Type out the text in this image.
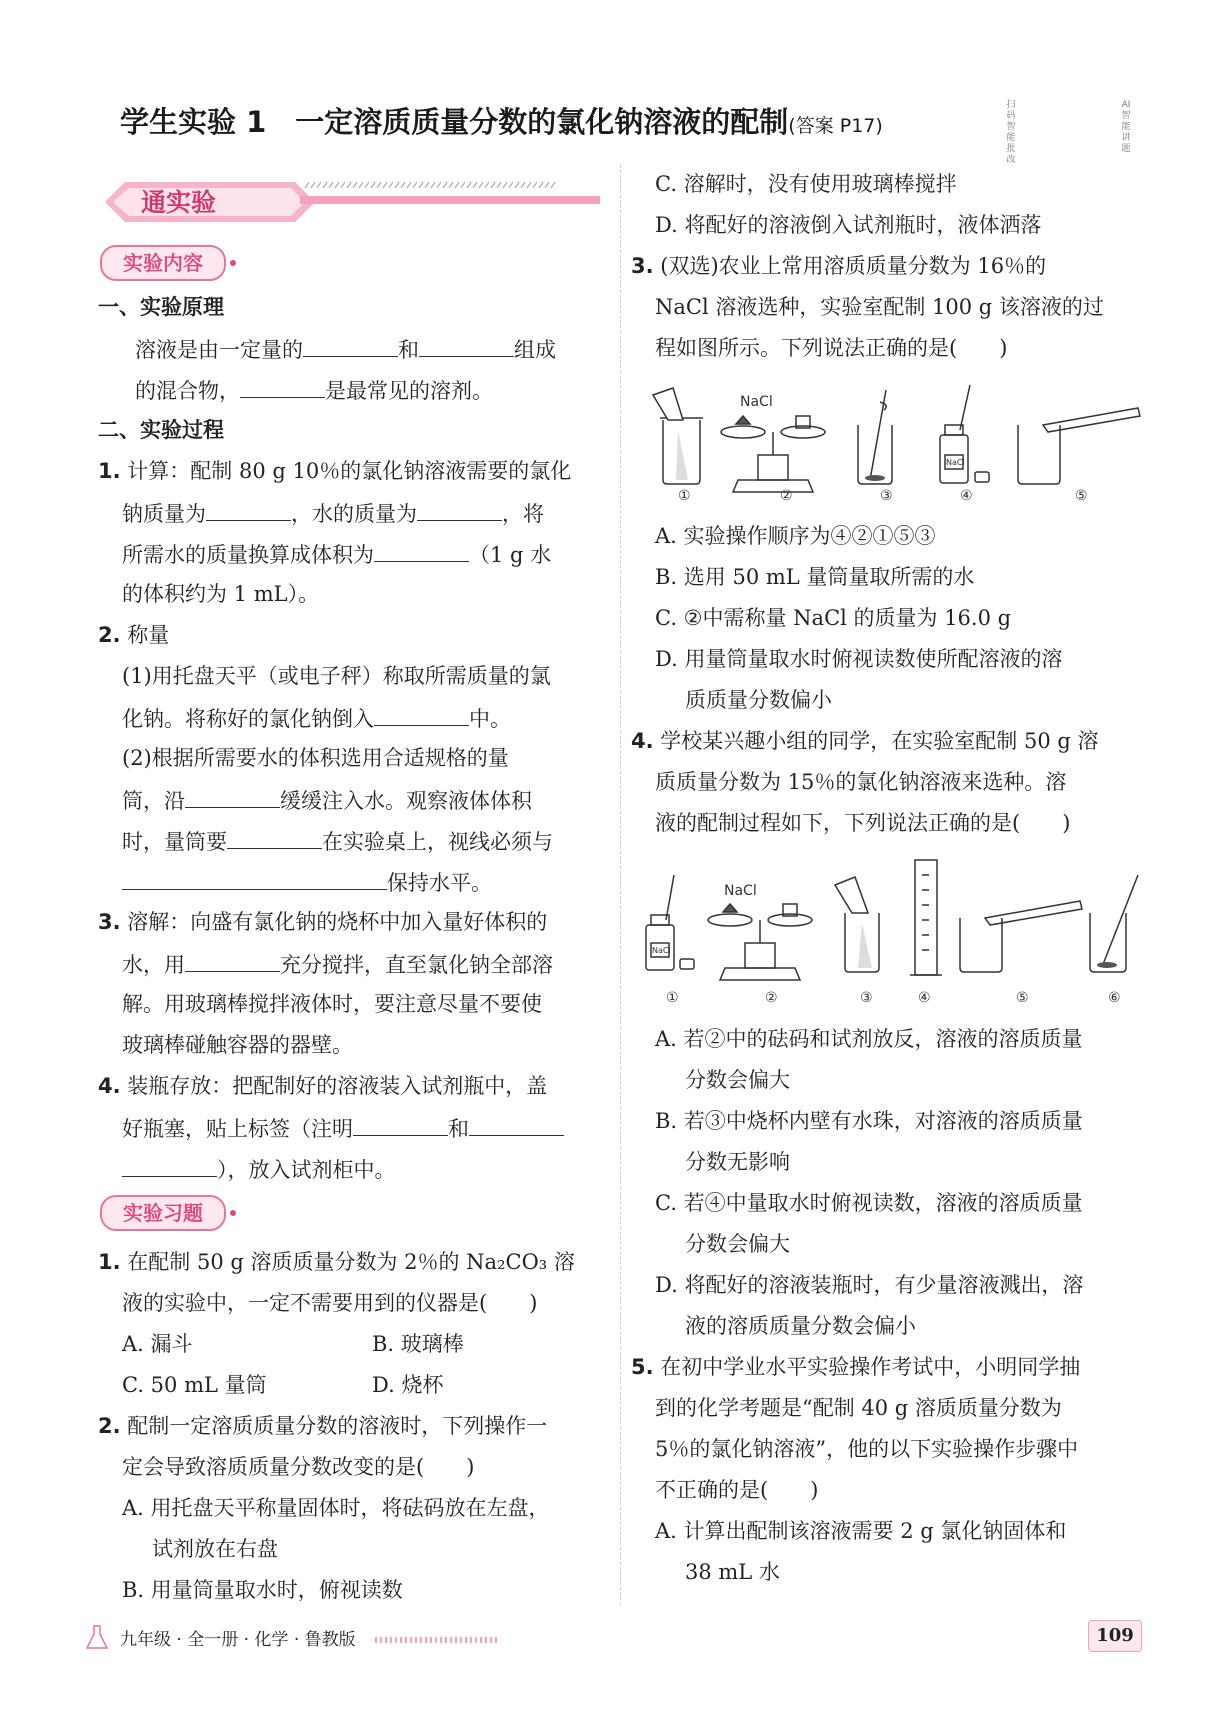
学生实验 1　一定溶质质量分数的氯化钠溶液的配制(答案 P17)
扫码智能批改
AI智能讲题
通实验
实验内容
实验习题
一、实验原理
溶液是由一定量的	和	组成
的混合物，	是最常见的溶剂。
二、实验过程
1. 计算：配制 80 g 10％的氯化钠溶液需要的氯化
钠质量为	，水的质量为	，将
所需水的质量换算成体积为	（1 g 水
的体积约为 1 mL）。
2. 称量
(1)用托盘天平（或电子秤）称取所需质量的氯
化钠。将称好的氯化钠倒入	中。
(2)根据所需要水的体积选用合适规格的量
筒，沿	缓缓注入水。观察液体体积
时，量筒要	在实验桌上，视线必须与
保持水平。
3. 溶解：向盛有氯化钠的烧杯中加入量好体积的
水，用	充分搅拌，直至氯化钠全部溶
解。用玻璃棒搅拌液体时，要注意尽量不要使
玻璃棒碰触容器的器壁。
4. 装瓶存放：把配制好的溶液装入试剂瓶中，盖
好瓶塞，贴上标签（注明	和
），放入试剂柜中。
1. 在配制 50 g 溶质质量分数为 2％的 Na₂CO₃ 溶
液的实验中，一定不需要用到的仪器是(　　)
A. 漏斗	B. 玻璃棒
C. 50 mL 量筒	D. 烧杯
2. 配制一定溶质质量分数的溶液时，下列操作一
定会导致溶质质量分数改变的是(　　)
A. 用托盘天平称量固体时，将砝码放在左盘，
试剂放在右盘
B. 用量筒量取水时，俯视读数
C. 溶解时，没有使用玻璃棒搅拌
D. 将配好的溶液倒入试剂瓶时，液体洒落
3. (双选)农业上常用溶质质量分数为 16％的
NaCl 溶液选种，实验室配制 100 g 该溶液的过
程如图所示。下列说法正确的是(　　)
NaCl
NaCl
①	②	③	④	⑤
A. 实验操作顺序为④②①⑤③
B. 选用 50 mL 量筒量取所需的水
C. ②中需称量 NaCl 的质量为 16.0 g
D. 用量筒量取水时俯视读数使所配溶液的溶
质质量分数偏小
4. 学校某兴趣小组的同学，在实验室配制 50 g 溶
质质量分数为 15％的氯化钠溶液来选种。溶
液的配制过程如下，下列说法正确的是(　　)
NaCl
NaCl
①	②	③	④	⑤	⑥
A. 若②中的砝码和试剂放反，溶液的溶质质量
分数会偏大
B. 若③中烧杯内壁有水珠，对溶液的溶质质量
分数无影响
C. 若④中量取水时俯视读数，溶液的溶质质量
分数会偏大
D. 将配好的溶液装瓶时，有少量溶液溅出，溶
液的溶质质量分数会偏小
5. 在初中学业水平实验操作考试中，小明同学抽
到的化学考题是“配制 40 g 溶质质量分数为
5％的氯化钠溶液”，他的以下实验操作步骤中
不正确的是(　　)
A. 计算出配制该溶液需要 2 g 氯化钠固体和
38 mL 水
九年级 · 全一册 · 化学 · 鲁教版	109
